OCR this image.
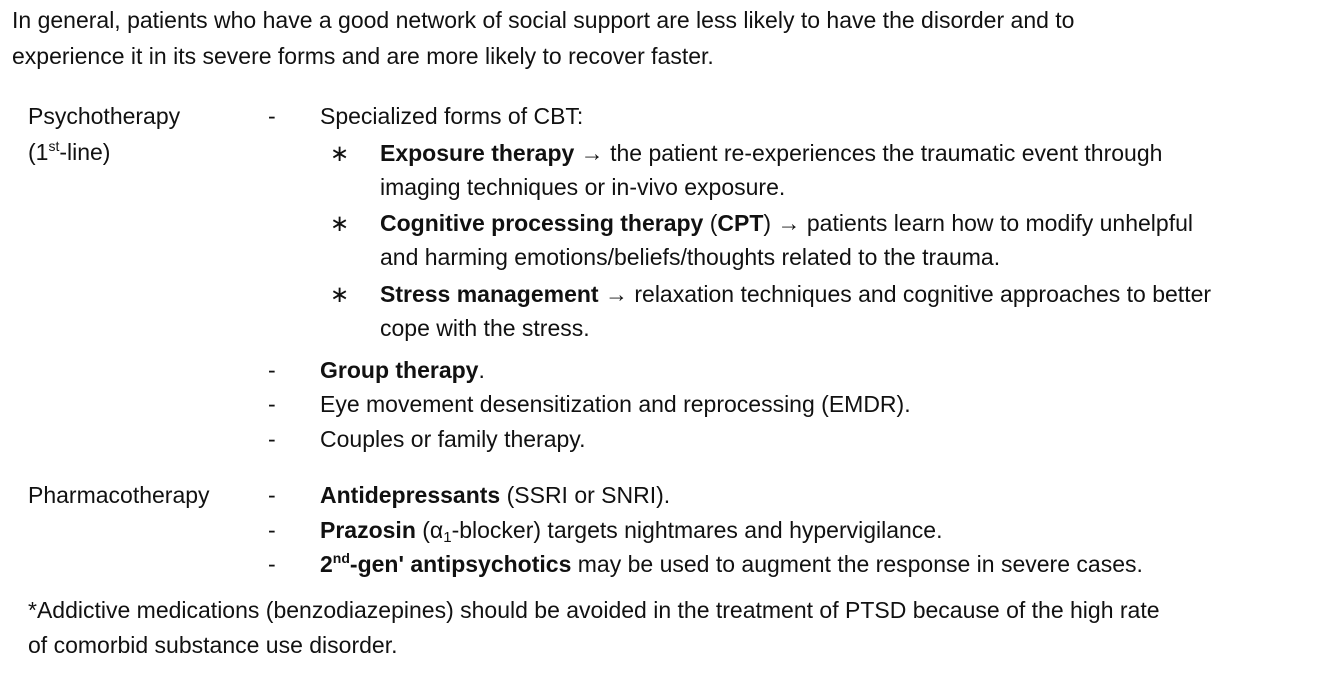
In general, patients who have a good network of social support are less likely to have the disorder and to
experience it in its severe forms and are more likely to recover faster.
Psychotherapy
(1st-line)
- Specialized forms of CBT:
∗ Exposure therapy → the patient re-experiences the traumatic event through
imaging techniques or in-vivo exposure.
∗ Cognitive processing therapy (CPT) → patients learn how to modify unhelpful
and harming emotions/beliefs/thoughts related to the trauma.
∗ Stress management → relaxation techniques and cognitive approaches to better
cope with the stress.
- Group therapy.
- Eye movement desensitization and reprocessing (EMDR).
- Couples or family therapy.
Pharmacotherapy	- Antidepressants (SSRI or SNRI).
- Prazosin $(\alpha_1-blocker)$ targets nightmares and hypervigilance.
- 2nd-gen' antipsychotics may be used to augment the response in severe cases.
*Addictive medications (benzodiazepines) should be avoided in the treatment of PTSD because of the high rate
of comorbid substance use disorder.
